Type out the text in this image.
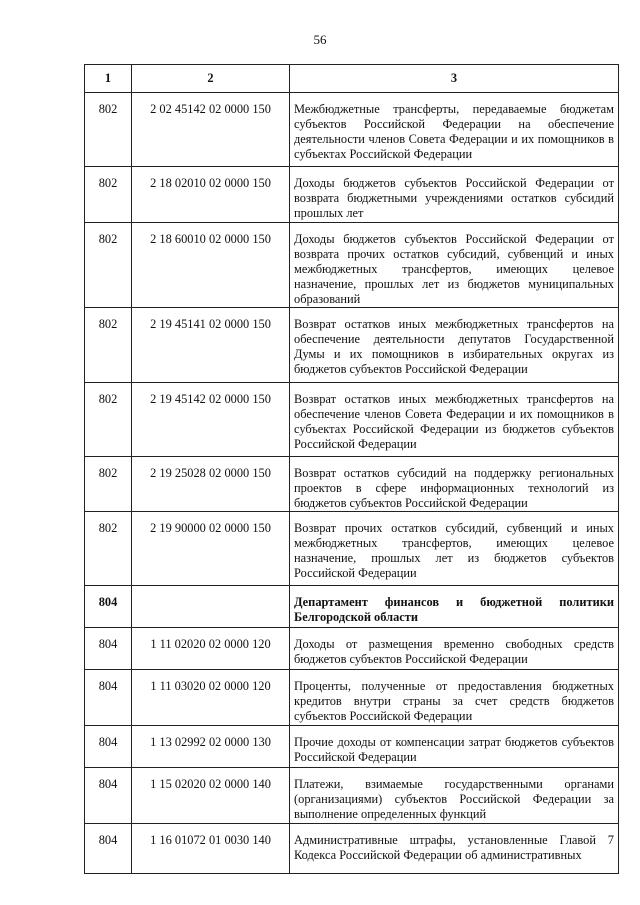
56
1	2	3
802	2 02 45142 02 0000 150	Межбюджетные трансферты, передаваемые бюджетам субъектов Российской Федерации на обеспечение деятельности членов Совета Федерации и их помощников в субъектах Российской Федерации
802	2 18 02010 02 0000 150	Доходы бюджетов субъектов Российской Федерации от возврата бюджетными учреждениями остатков субсидий прошлых лет
802	2 18 60010 02 0000 150	Доходы бюджетов субъектов Российской Федерации от возврата прочих остатков субсидий, субвенций и иных межбюджетных трансфертов, имеющих целевое назначение, прошлых лет из бюджетов муниципальных образований
802	2 19 45141 02 0000 150	Возврат остатков иных межбюджетных трансфертов на обеспечение деятельности депутатов Государственной Думы и их помощников в избирательных округах из бюджетов субъектов Российской Федерации
802	2 19 45142 02 0000 150	Возврат остатков иных межбюджетных трансфертов на обеспечение членов Совета Федерации и их помощников в субъектах Российской Федерации из бюджетов субъектов Российской Федерации
802	2 19 25028 02 0000 150	Возврат остатков субсидий на поддержку региональных проектов в сфере информационных технологий из бюджетов субъектов Российской Федерации
802	2 19 90000 02 0000 150	Возврат прочих остатков субсидий, субвенций и иных межбюджетных трансфертов, имеющих целевое назначение, прошлых лет из бюджетов субъектов Российской Федерации
804		Департамент финансов и бюджетной политики Белгородской области
804	1 11 02020 02 0000 120	Доходы от размещения временно свободных средств бюджетов субъектов Российской Федерации
804	1 11 03020 02 0000 120	Проценты, полученные от предоставления бюджетных кредитов внутри страны за счет средств бюджетов субъектов Российской Федерации
804	1 13 02992 02 0000 130	Прочие доходы от компенсации затрат бюджетов субъектов Российской Федерации
804	1 15 02020 02 0000 140	Платежи, взимаемые государственными органами (организациями) субъектов Российской Федерации за выполнение определенных функций
804	1 16 01072 01 0030 140	Административные штрафы, установленные Главой 7 Кодекса Российской Федерации об административных
